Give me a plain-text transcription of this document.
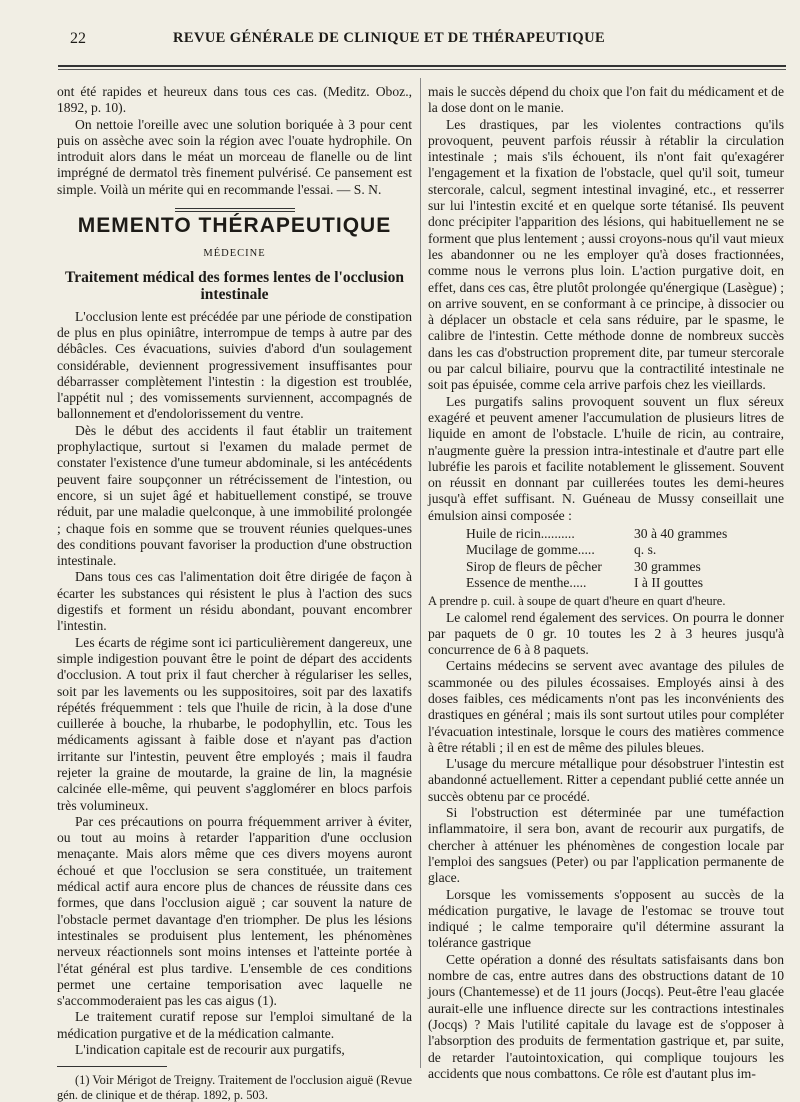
22	REVUE GÉNÉRALE DE CLINIQUE ET DE THÉRAPEUTIQUE

ont été rapides et heureux dans tous ces cas. (Meditz. Oboz., 1892, p. 10).

On nettoie l'oreille avec une solution boriquée à 3 pour cent puis on assèche avec soin la région avec l'ouate hydrophile. On introduit alors dans le méat un morceau de flanelle ou de lint imprégné de dermatol très finement pulvérisé. Ce pansement est simple. Voilà un mérite qui en recommande l'essai. — S. N.

MEMENTO THÉRAPEUTIQUE
MÉDECINE
Traitement médical des formes lentes de l'occlusion intestinale

L'occlusion lente est précédée par une période de constipation de plus en plus opiniâtre, interrompue de temps à autre par des débâcles. Ces évacuations, suivies d'abord d'un soulagement considérable, deviennent progressivement insuffisantes pour débarrasser complètement l'intestin : la digestion est troublée, l'appétit nul ; des vomissements surviennent, accompagnés de ballonnement et d'endolorissement du ventre.

Dès le début des accidents il faut établir un traitement prophylactique, surtout si l'examen du malade permet de constater l'existence d'une tumeur abdominale, si les antécédents peuvent faire soupçonner un rétrécissement de l'intestion, ou encore, si un sujet âgé et habituellement constipé, se trouve réduit, par une maladie quelconque, à une immobilité prolongée ; chaque fois en somme que se trouvent réunies quelques-unes des conditions pouvant favoriser la production d'une obstruction intestinale.

Dans tous ces cas l'alimentation doit être dirigée de façon à écarter les substances qui résistent le plus à l'action des sucs digestifs et forment un résidu abondant, pouvant encombrer l'intestin.

Les écarts de régime sont ici particulièrement dangereux, une simple indigestion pouvant être le point de départ des accidents d'occlusion. A tout prix il faut chercher à régulariser les selles, soit par les lavements ou les suppositoires, soit par des laxatifs répétés fréquemment : tels que l'huile de ricin, à la dose d'une cuillerée à bouche, la rhubarbe, le podophyllin, etc. Tous les médicaments agissant à faible dose et n'ayant pas d'action irritante sur l'intestin, peuvent être employés ; mais il faudra rejeter la graine de moutarde, la graine de lin, la magnésie calcinée elle-même, qui peuvent s'agglomérer en blocs parfois très volumineux.

Par ces précautions on pourra fréquemment arriver à éviter, ou tout au moins à retarder l'apparition d'une occlusion menaçante. Mais alors même que ces divers moyens auront échoué et que l'occlusion se sera constituée, un traitement médical actif aura encore plus de chances de réussite dans ces formes, que dans l'occlusion aiguë ; car souvent la nature de l'obstacle permet davantage d'en triompher. De plus les lésions intestinales se produisent plus lentement, les phénomènes nerveux réactionnels sont moins intenses et l'atteinte portée à l'état général est plus tardive. L'ensemble de ces conditions permet une certaine temporisation avec laquelle ne s'accommoderaient pas les cas aigus (1).

Le traitement curatif repose sur l'emploi simultané de la médication purgative et de la médication calmante.

L'indication capitale est de recourir aux purgatifs,

(1) Voir Mérigot de Treigny. Traitement de l'occlusion aiguë (Revue gén. de clinique et de thérap. 1892, p. 503.

mais le succès dépend du choix que l'on fait du médicament et de la dose dont on le manie.

Les drastiques, par les violentes contractions qu'ils provoquent, peuvent parfois réussir à rétablir la circulation intestinale ; mais s'ils échouent, ils n'ont fait qu'exagérer l'engagement et la fixation de l'obstacle, quel qu'il soit, tumeur stercorale, calcul, segment intestinal invaginé, etc., et resserrer sur lui l'intestin excité et en quelque sorte tétanisé. Ils peuvent donc précipiter l'apparition des lésions, qui habituellement ne se forment que plus lentement ; aussi croyons-nous qu'il vaut mieux les abandonner ou ne les employer qu'à doses fractionnées, comme nous le verrons plus loin. L'action purgative doit, en effet, dans ces cas, être plutôt prolongée qu'énergique (Lasègue) ; on arrive souvent, en se conformant à ce principe, à dissocier ou à déplacer un obstacle et cela sans réduire, par le spasme, le calibre de l'intestin. Cette méthode donne de nombreux succès dans les cas d'obstruction proprement dite, par tumeur stercorale ou par calcul biliaire, pourvu que la contractilité intestinale ne soit pas épuisée, comme cela arrive parfois chez les vieillards.

Les purgatifs salins provoquent souvent un flux séreux exagéré et peuvent amener l'accumulation de plusieurs litres de liquide en amont de l'obstacle. L'huile de ricin, au contraire, n'augmente guère la pression intra-intestinale et d'autre part elle lubréfie les parois et facilite notablement le glissement. Souvent on réussit en donnant par cuillerées toutes les demi-heures jusqu'à effet suffisant. N. Guéneau de Mussy conseillait une émulsion ainsi composée :

Huile de ricin..........	30 à 40 grammes
Mucilage de gomme.....	q. s.
Sirop de fleurs de pêcher	30 grammes
Essence de menthe.....	I à II gouttes

A prendre p. cuil. à soupe de quart d'heure en quart d'heure.

Le calomel rend également des services. On pourra le donner par paquets de 0 gr. 10 toutes les 2 à 3 heures jusqu'à concurrence de 6 à 8 paquets.

Certains médecins se servent avec avantage des pilules de scammonée ou des pilules écossaises. Employés ainsi à des doses faibles, ces médicaments n'ont pas les inconvénients des drastiques en général ; mais ils sont surtout utiles pour compléter l'évacuation intestinale, lorsque le cours des matières commence à être rétabli ; il en est de même des pilules bleues.

L'usage du mercure métallique pour désobstruer l'intestin est abandonné actuellement. Ritter a cependant publié cette année un succès obtenu par ce procédé.

Si l'obstruction est déterminée par une tuméfaction inflammatoire, il sera bon, avant de recourir aux purgatifs, de chercher à atténuer les phénomènes de congestion locale par l'emploi des sangsues (Peter) ou par l'application permanente de glace.

Lorsque les vomissements s'opposent au succès de la médication purgative, le lavage de l'estomac se trouve tout indiqué ; le calme temporaire qu'il détermine assurant la tolérance gastrique

Cette opération a donné des résultats satisfaisants dans bon nombre de cas, entre autres dans des obstructions datant de 10 jours (Chantemesse) et de 11 jours (Jocqs). Peut-être l'eau glacée aurait-elle une influence directe sur les contractions intestinales (Jocqs) ? Mais l'utilité capitale du lavage est de s'opposer à l'absorption des produits de fermentation gastrique et, par suite, de retarder l'autointoxication, qui complique toujours les accidents que nous combattons. Ce rôle est d'autant plus im-
